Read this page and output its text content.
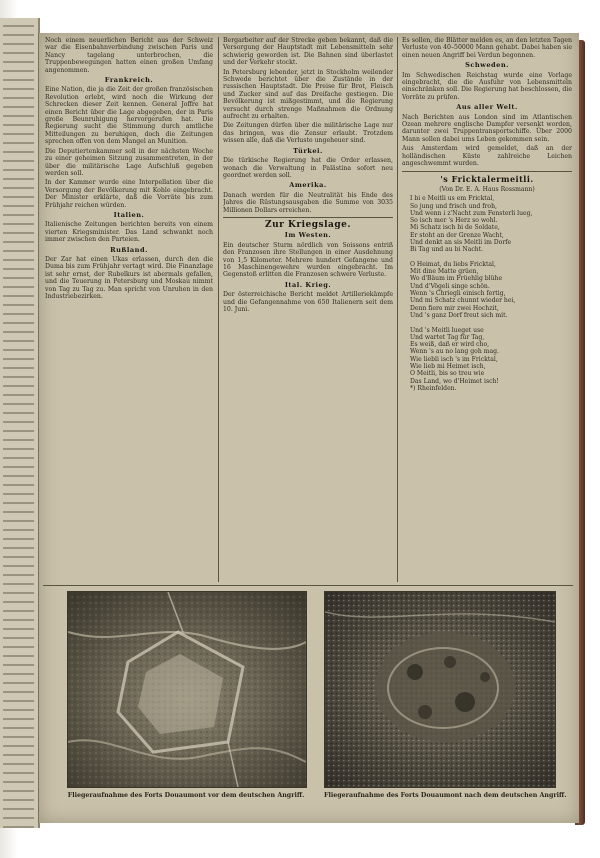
Noch einem neuerlichen Bericht aus der Schweiz war die Eisenbahnverbindung zwischen Paris und Nancy tagelang unterbrochen, die Truppenbewegungen hatten einen großen Umfang angenommen.

Frankreich.

Eine Nation, die ja die Zeit der großen französischen Revolution erlebt, wird noch die Wirkung der Schrecken dieser Zeit kennen. General Joffre hat einen Bericht über die Lage abgegeben, der in Paris große Beunruhigung hervorgerufen hat. Die Regierung sucht die Stimmung durch amtliche Mitteilungen zu beruhigen, doch die Zeitungen sprechen offen von dem Mangel an Munition.

Die Deputiertenkammer soll in der nächsten Woche zu einer geheimen Sitzung zusammentreten, in der über die militärische Lage Aufschluß gegeben werden soll.

In der Kammer wurde eine Interpellation über die Versorgung der Bevölkerung mit Kohle eingebracht. Der Minister erklärte, daß die Vorräte bis zum Frühjahr reichen würden.

Italien.

Italienische Zeitungen berichten bereits von einem vierten Kriegsminister. Das Land schwankt noch immer zwischen den Parteien.

Rußland.

Der Zar hat einen Ukas erlassen, durch den die Duma bis zum Frühjahr vertagt wird. Die Finanzlage ist sehr ernst, der Rubelkurs ist abermals gefallen, und die Teuerung in Petersburg und Moskau nimmt von Tag zu Tag zu. Man spricht von Unruhen in den Industriebezirken.

Bergarbeiter auf der Strecke geben bekannt, daß die Versorgung der Hauptstadt mit Lebensmitteln sehr schwierig geworden ist. Die Bahnen sind überlastet und der Verkehr stockt.

In Petersburg lebender, jetzt in Stockholm weilender Schwede berichtet über die Zustände in der russischen Hauptstadt. Die Preise für Brot, Fleisch und Zucker sind auf das Dreifache gestiegen. Die Bevölkerung ist mißgestimmt, und die Regierung versucht durch strenge Maßnahmen die Ordnung aufrecht zu erhalten.

Die Zeitungen dürfen über die militärische Lage nur das bringen, was die Zensur erlaubt. Trotzdem wissen alle, daß die Verluste ungeheuer sind.

Türkei.

Die türkische Regierung hat die Order erlassen, wonach die Verwaltung in Palästina sofort neu geordnet werden soll.

Amerika.

Danach werden für die Neutralität bis Ende des Jahres die Rüstungsausgaben die Summe von 3035 Millionen Dollars erreichen.

Zur Kriegslage.
Im Westen.

Ein deutscher Sturm nördlich von Soissons entriß den Franzosen ihre Stellungen in einer Ausdehnung von 1,5 Kilometer. Mehrere hundert Gefangene und 16 Maschinengewehre wurden eingebracht. Im Gegenstoß erlitten die Franzosen schwere Verluste.

Ital. Krieg.

Der österreichische Bericht meldet Artilleriekämpfe und die Gefangennahme von 650 Italienern seit dem 10. Juni.

Es sollen, die Blätter melden es, an den letzten Tagen Verluste von 40–50000 Mann gehabt. Dabei haben sie einen neuen Angriff bei Verdun begonnen.

Schweden.

Im Schwedischen Reichstag wurde eine Vorlage eingebracht, die die Ausfuhr von Lebensmitteln einschränken soll. Die Regierung hat beschlossen, die Vorräte zu prüfen.

Aus aller Welt.

Nach Berichten aus London sind im Atlantischen Ozean mehrere englische Dampfer versenkt worden, darunter zwei Truppentransportschiffe. Über 2000 Mann sollen dabei ums Leben gekommen sein.

Aus Amsterdam wird gemeldet, daß an der holländischen Küste zahlreiche Leichen angeschwemmt wurden.

's Fricktalermeitli.
(Von Dr. E. A. Haus Rossmann)
I bi e Meitli us em Fricktal,
So jung und frisch und froh,
Und wenn i z'Nacht zum Fensterli lueg,
So isch mer 's Herz so wohl.
Mi Schatz isch bi de Soldate,
Er stoht an der Grenze Wacht,
Und denkt an sis Meitli im Dorfe
Bi Tag und au bi Nacht.

O Heimat, du liebs Fricktal,
Mit dine Matte grüen,
Wo d'Bäum im Früehlig blühe
Und d'Vögeli singe schön.
Wenn 's Chriegli einisch fertig,
Und mi Schatz chunnt wieder hei,
Denn fiere mir zwei Hochzit,
Und 's ganz Dorf freut sich mit.

Und 's Meitli lueget use
Und wartet Tag für Tag,
Es weiß, daß er wird cho,
Wenn 's au no lang goh mag.
Wie liebli isch 's im Fricktal,
Wie lieb mi Heimet isch,
O Meitli, bis so treu wie
Das Land, wo d'Heimet isch!
*) Rheinfelden.
Fliegeraufnahme des Forts Douaumont vor dem deutschen Angriff.	Fliegeraufnahme des Forts Douaumont nach dem deutschen Angriff.
